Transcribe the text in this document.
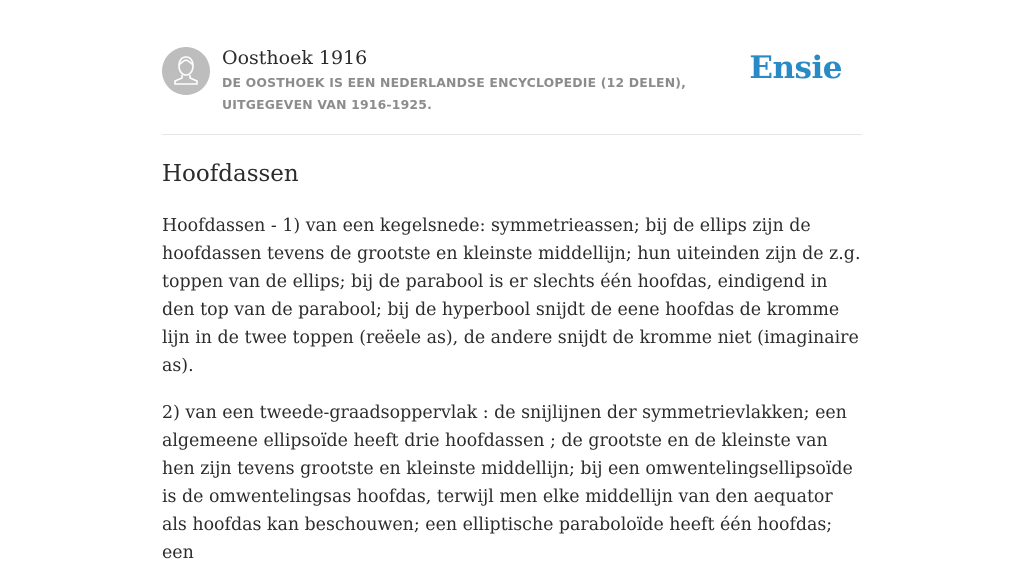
Oosthoek 1916

DE OOSTHOEK IS EEN NEDERLANDSE ENCYCLOPEDIE (12 DELEN), UITGEGEVEN VAN 1916-1925.

Ensie
Hoofdassen

Hoofdassen - 1) van een kegelsnede: symmetrieassen; bij de ellips zijn de hoofdassen tevens de grootste en kleinste middellijn; hun uiteinden zijn de z.g. toppen van de ellips; bij de parabool is er slechts één hoofdas, eindigend in den top van de parabool; bij de hyperbool snijdt de eene hoofdas de kromme lijn in de twee toppen (reëele as), de andere snijdt de kromme niet (imaginaire as).

2) van een tweede-graadsoppervlak : de snijlijnen der symmetrievlakken; een algemeene ellipsoïde heeft drie hoofdassen ; de grootste en de kleinste van hen zijn tevens grootste en kleinste middellijn; bij een omwentelingsellipsoïde is de omwentelingsas hoofdas, terwijl men elke middellijn van den aequator als hoofdas kan beschouwen; een elliptische paraboloïde heeft één hoofdas; een
